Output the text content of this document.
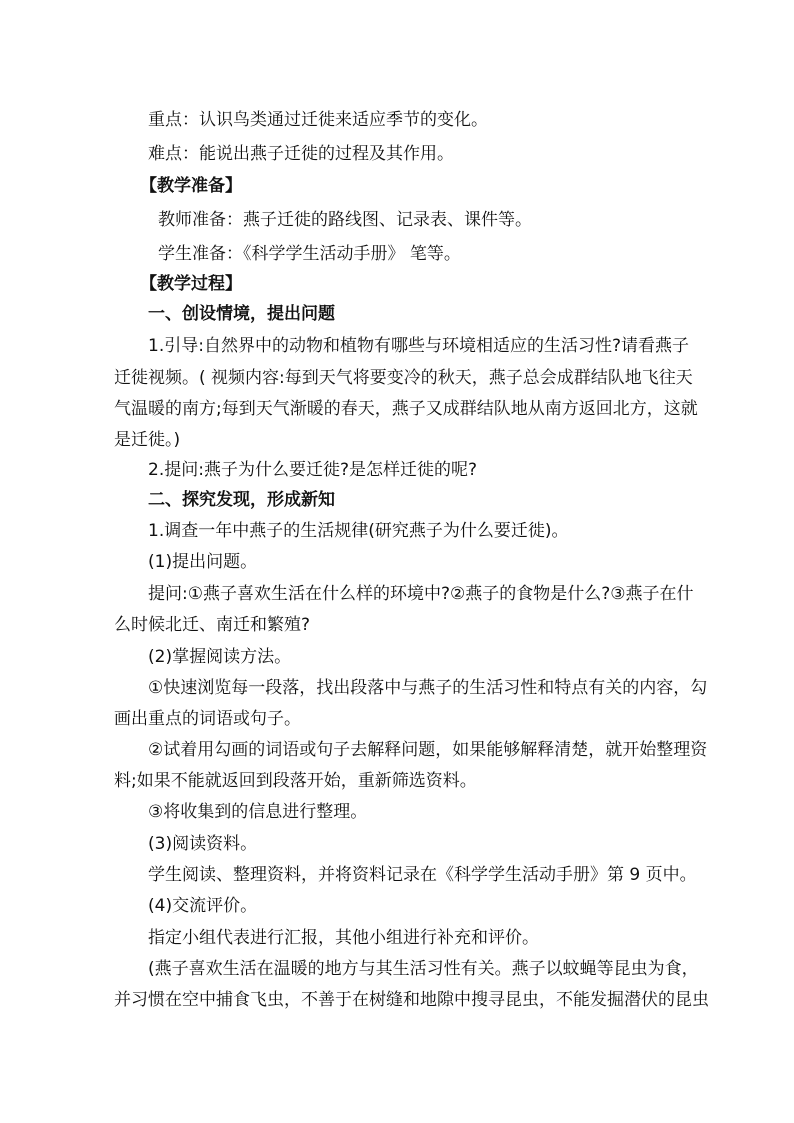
重点：认识鸟类通过迁徙来适应季节的变化。
难点：能说出燕子迁徙的过程及其作用。
【教学准备】
教师准备：燕子迁徙的路线图、记录表、课件等。
学生准备：《科学学生活动手册》 笔等。
【教学过程】
一、创设情境，提出问题
1.引导:自然界中的动物和植物有哪些与环境相适应的生活习性?请看燕子
迁徙视频。( 视频内容:每到天气将要变冷的秋天，燕子总会成群结队地飞往天
气温暖的南方;每到天气渐暖的春天，燕子又成群结队地从南方返回北方，这就
是迁徙。)
2.提问:燕子为什么要迁徙?是怎样迁徙的呢?
二、探究发现，形成新知
1.调查一年中燕子的生活规律(研究燕子为什么要迁徙)。
(1)提出问题。
提问:①燕子喜欢生活在什么样的环境中?②燕子的食物是什么?③燕子在什
么时候北迁、南迁和繁殖?
(2)掌握阅读方法。
①快速浏览每一段落，找出段落中与燕子的生活习性和特点有关的内容，勾
画出重点的词语或句子。
②试着用勾画的词语或句子去解释问题，如果能够解释清楚，就开始整理资
料;如果不能就返回到段落开始，重新筛选资料。
③将收集到的信息进行整理。
(3)阅读资料。
学生阅读、整理资料，并将资料记录在《科学学生活动手册》第 9 页中。
(4)交流评价。
指定小组代表进行汇报，其他小组进行补充和评价。
(燕子喜欢生活在温暖的地方与其生活习性有关。燕子以蚊蝇等昆虫为食，
并习惯在空中捕食飞虫，不善于在树缝和地隙中搜寻昆虫，不能发掘潜伏的昆虫
